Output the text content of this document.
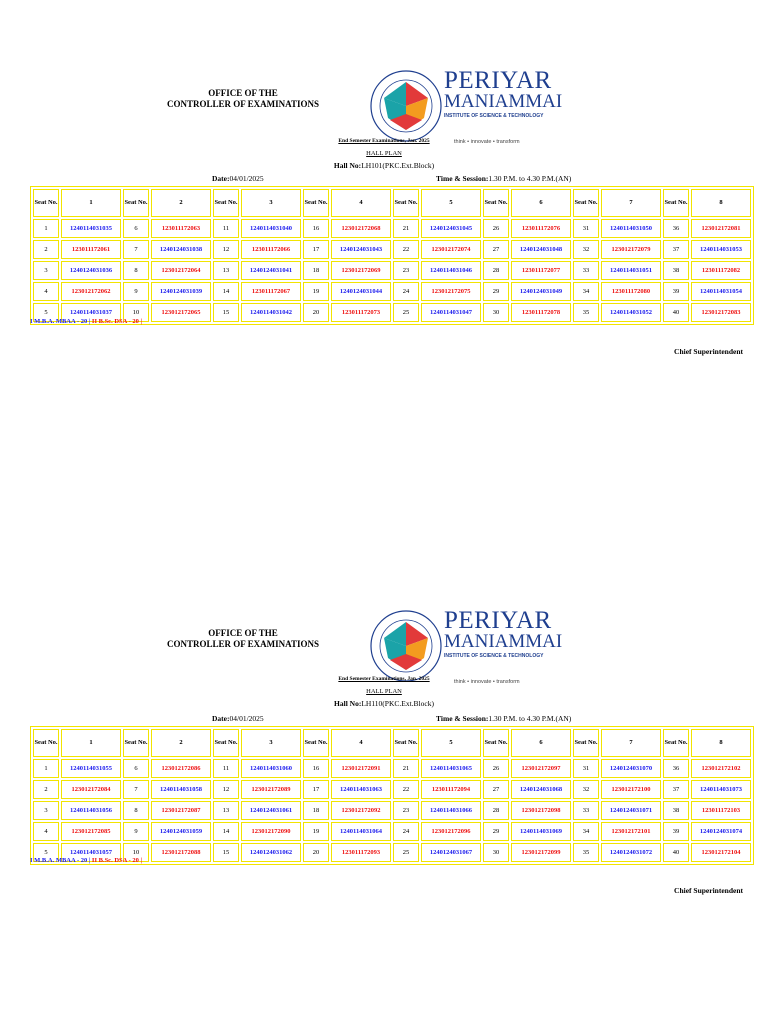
OFFICE OF THE
CONTROLLER OF EXAMINATIONS
PERIYAR
MANIAMMAI
INSTITUTE OF SCIENCE & TECHNOLOGY
think • innovate • transform
End Semester Examinations, Jan. 2025
HALL PLAN
Hall No:LH101(PKC.Ext.Block)
Date:04/01/2025	Time & Session:1.30 P.M. to 4.30 P.M.(AN)
Seat No.	1	Seat No.	2	Seat No.	3	Seat No.	4	Seat No.	5	Seat No.	6	Seat No.	7	Seat No.	8
1	1240114031035	6	123011172063	11	1240114031040	16	123012172068	21	1240124031045	26	123011172076	31	1240114031050	36	123012172081
2	123011172061	7	1240124031038	12	123011172066	17	1240124031043	22	123012172074	27	1240124031048	32	123012172079	37	1240114031053
3	1240124031036	8	123012172064	13	1240124031041	18	123012172069	23	1240114031046	28	123011172077	33	1240114031051	38	123011172082
4	123012172062	9	1240124031039	14	123011172067	19	1240124031044	24	123012172075	29	1240124031049	34	123011172080	39	1240114031054
5	1240114031037	10	123012172065	15	1240114031042	20	123011172073	25	1240114031047	30	123011172078	35	1240114031052	40	123012172083
I M.B.A. MBAA - 20 | II B.Sc. DSA - 20 |
Chief Superintendent
OFFICE OF THE
CONTROLLER OF EXAMINATIONS
PERIYAR
MANIAMMAI
INSTITUTE OF SCIENCE & TECHNOLOGY
think • innovate • transform
End Semester Examinations, Jan. 2025
HALL PLAN
Hall No:LH110(PKC.Ext.Block)
Date:04/01/2025	Time & Session:1.30 P.M. to 4.30 P.M.(AN)
Seat No.	1	Seat No.	2	Seat No.	3	Seat No.	4	Seat No.	5	Seat No.	6	Seat No.	7	Seat No.	8
1	1240114031055	6	123012172086	11	1240114031060	16	123012172091	21	1240114031065	26	123012172097	31	1240124031070	36	123012172102
2	123012172084	7	1240114031058	12	123012172089	17	1240114031063	22	123011172094	27	1240124031068	32	123012172100	37	1240114031073
3	1240114031056	8	123012172087	13	1240124031061	18	123012172092	23	1240114031066	28	123012172098	33	1240124031071	38	123011172103
4	123012172085	9	1240124031059	14	123012172090	19	1240114031064	24	123012172096	29	1240114031069	34	123012172101	39	1240124031074
5	1240114031057	10	123012172088	15	1240124031062	20	123011172093	25	1240124031067	30	123012172099	35	1240124031072	40	123012172104
I M.B.A. MBAA - 20 | II B.Sc. DSA - 20 |
Chief Superintendent
